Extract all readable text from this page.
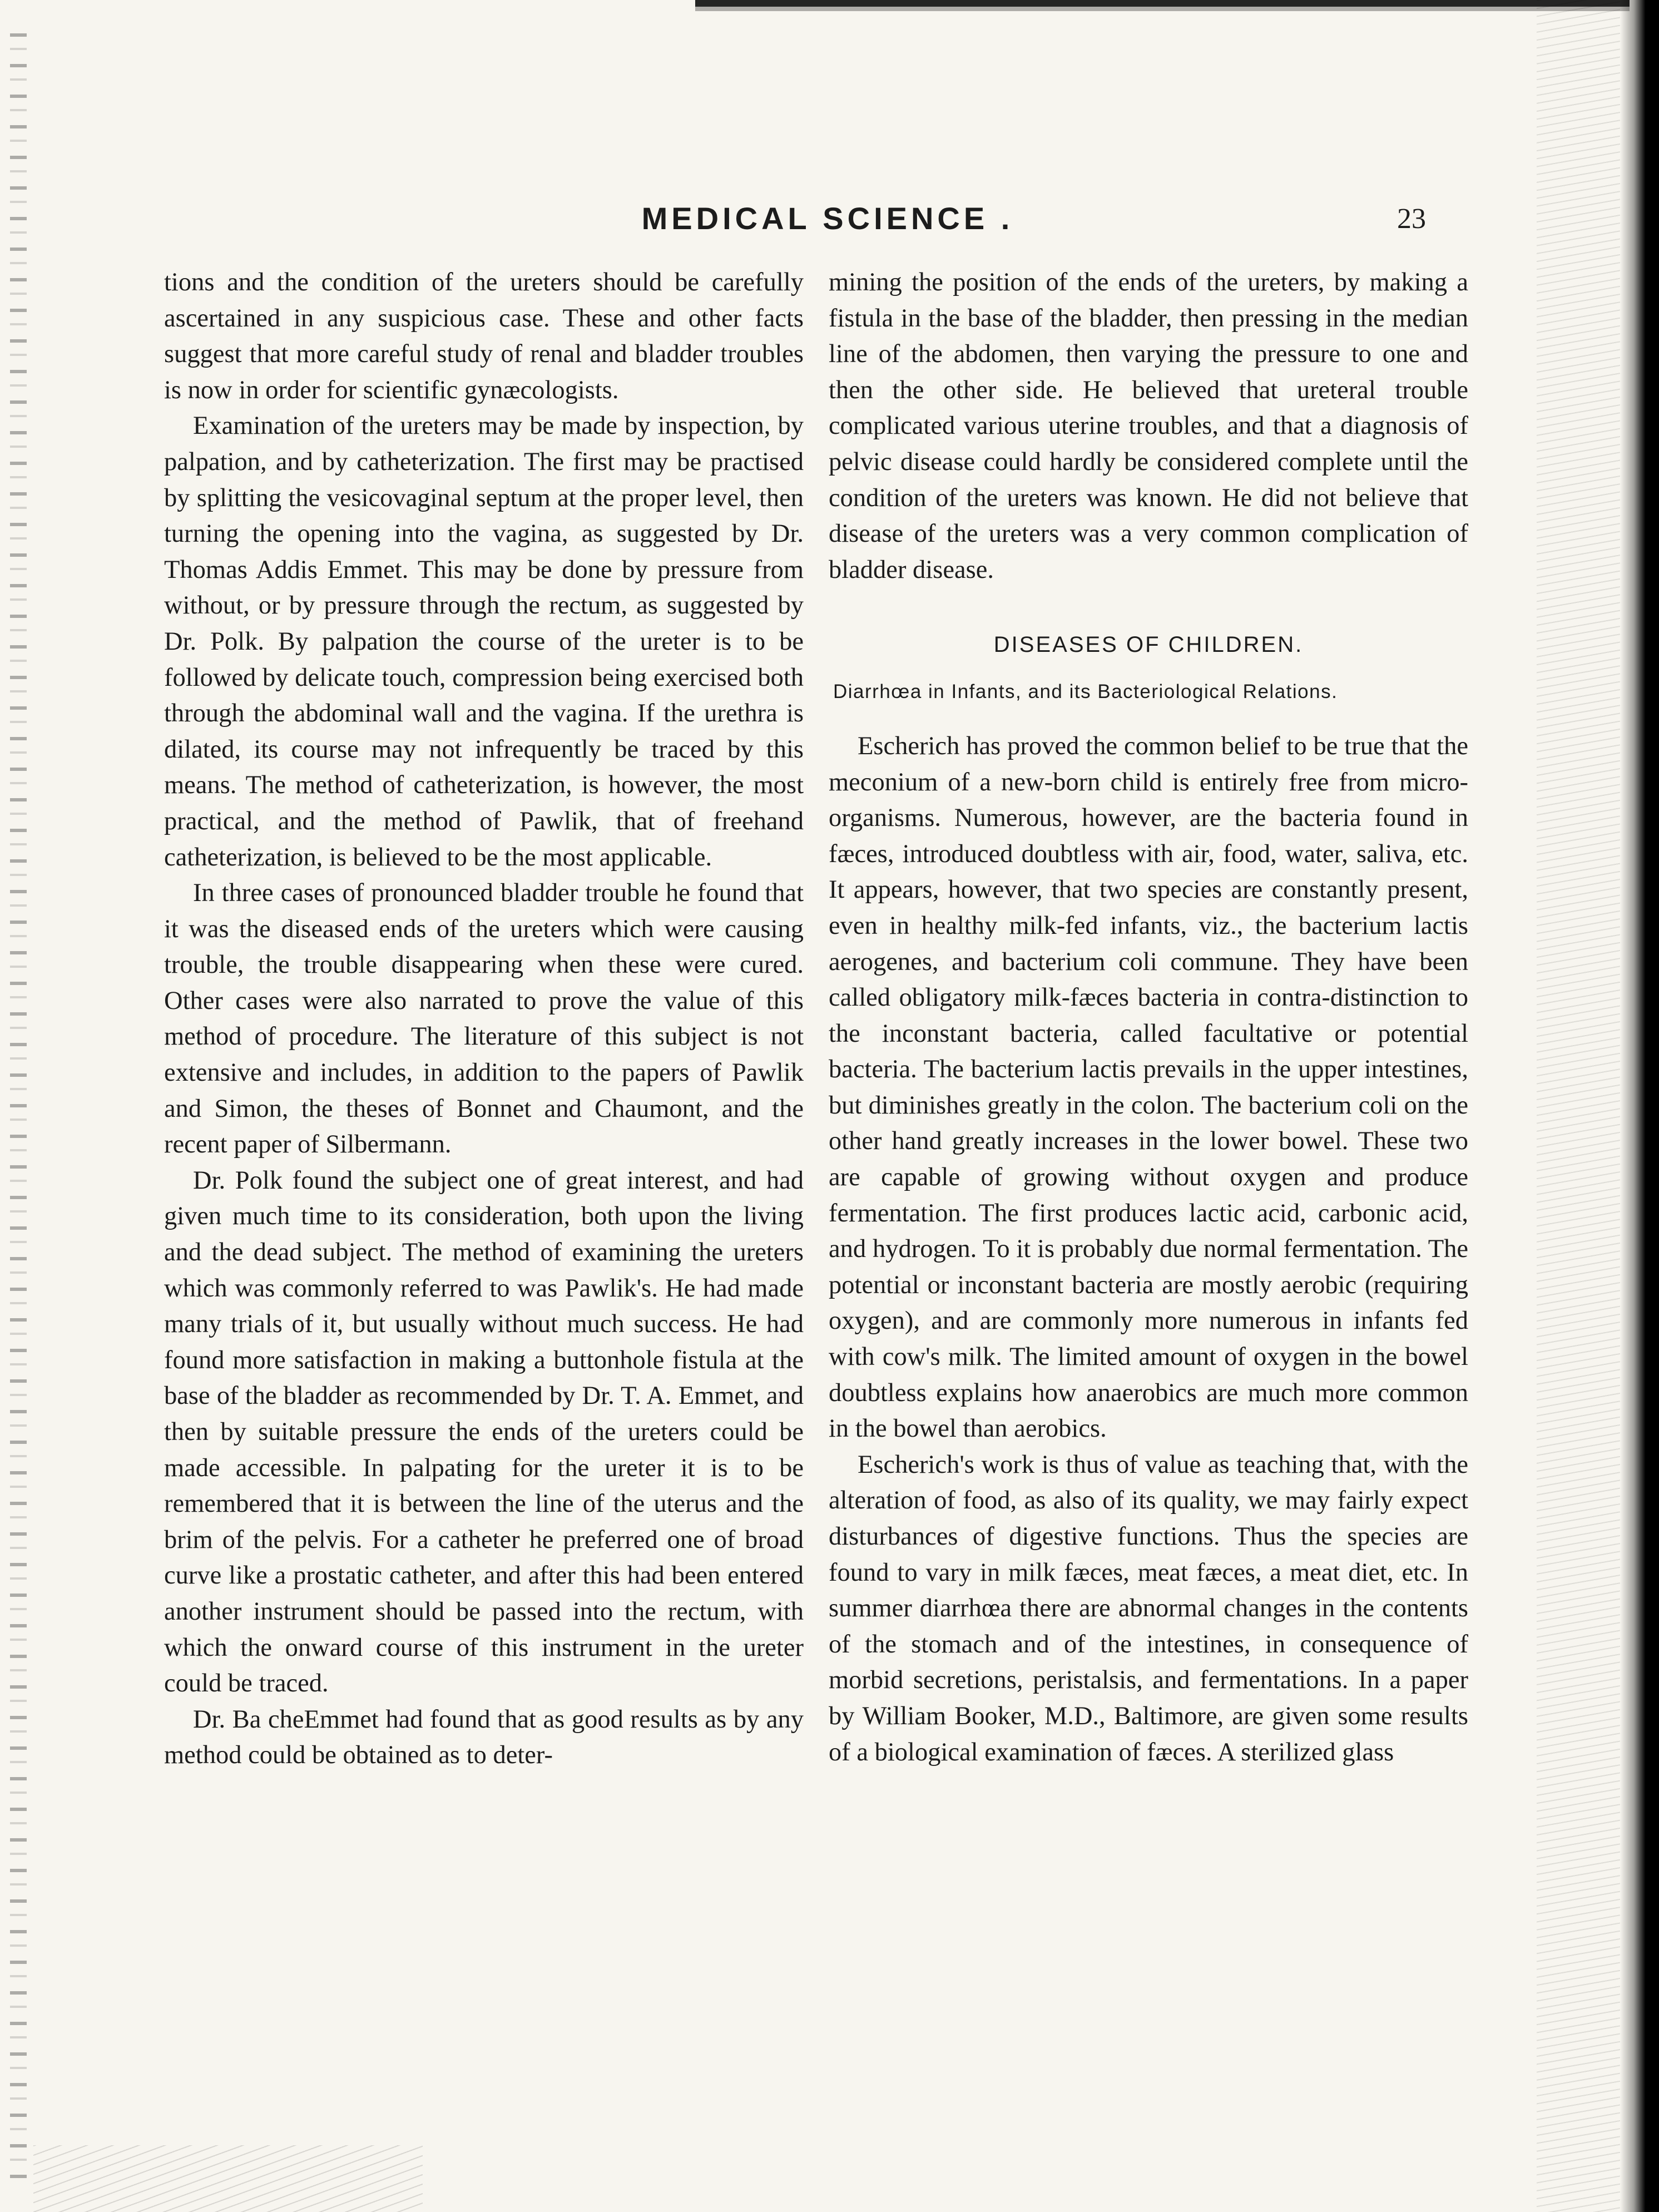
MEDICAL SCIENCE .	23

tions and the condition of the ureters should be carefully ascertained in any suspicious case. These and other facts suggest that more careful study of renal and bladder troubles is now in order for scientific gynæcologists.

Examination of the ureters may be made by inspection, by palpation, and by catheterization. The first may be practised by splitting the vesicovaginal septum at the proper level, then turning the opening into the vagina, as suggested by Dr. Thomas Addis Emmet. This may be done by pressure from without, or by pressure through the rectum, as suggested by Dr. Polk. By palpation the course of the ureter is to be followed by delicate touch, compression being exercised both through the abdominal wall and the vagina. If the urethra is dilated, its course may not infrequently be traced by this means. The method of catheterization, is however, the most practical, and the method of Pawlik, that of freehand catheterization, is believed to be the most applicable.

In three cases of pronounced bladder trouble he found that it was the diseased ends of the ureters which were causing trouble, the trouble disappearing when these were cured. Other cases were also narrated to prove the value of this method of procedure. The literature of this subject is not extensive and includes, in addition to the papers of Pawlik and Simon, the theses of Bonnet and Chaumont, and the recent paper of Silbermann.

Dr. Polk found the subject one of great interest, and had given much time to its consideration, both upon the living and the dead subject. The method of examining the ureters which was commonly referred to was Pawlik's. He had made many trials of it, but usually without much success. He had found more satisfaction in making a buttonhole fistula at the base of the bladder as recommended by Dr. T. A. Emmet, and then by suitable pressure the ends of the ureters could be made accessible. In palpating for the ureter it is to be remembered that it is between the line of the uterus and the brim of the pelvis. For a catheter he preferred one of broad curve like a prostatic catheter, and after this had been entered another instrument should be passed into the rectum, with which the onward course of this instrument in the ureter could be traced.

Dr. Ba cheEmmet had found that as good results as by any method could be obtained as to deter-

mining the position of the ends of the ureters, by making a fistula in the base of the bladder, then pressing in the median line of the abdomen, then varying the pressure to one and then the other side. He believed that ureteral trouble complicated various uterine troubles, and that a diagnosis of pelvic disease could hardly be considered complete until the condition of the ureters was known. He did not believe that disease of the ureters was a very common complication of bladder disease.

DISEASES OF CHILDREN.
Diarrhœa in Infants, and its Bacteriological Relations.

Escherich has proved the common belief to be true that the meconium of a new-born child is entirely free from micro-organisms. Numerous, however, are the bacteria found in fæces, introduced doubtless with air, food, water, saliva, etc. It appears, however, that two species are constantly present, even in healthy milk-fed infants, viz., the bacterium lactis aerogenes, and bacterium coli commune. They have been called obligatory milk-fæces bacteria in contra-distinction to the inconstant bacteria, called facultative or potential bacteria. The bacterium lactis prevails in the upper intestines, but diminishes greatly in the colon. The bacterium coli on the other hand greatly increases in the lower bowel. These two are capable of growing without oxygen and produce fermentation. The first produces lactic acid, carbonic acid, and hydrogen. To it is probably due normal fermentation. The potential or inconstant bacteria are mostly aerobic (requiring oxygen), and are commonly more numerous in infants fed with cow's milk. The limited amount of oxygen in the bowel doubtless explains how anaerobics are much more common in the bowel than aerobics.

Escherich's work is thus of value as teaching that, with the alteration of food, as also of its quality, we may fairly expect disturbances of digestive functions. Thus the species are found to vary in milk fæces, meat fæces, a meat diet, etc. In summer diarrhœa there are abnormal changes in the contents of the stomach and of the intestines, in consequence of morbid secretions, peristalsis, and fermentations. In a paper by William Booker, M.D., Baltimore, are given some results of a biological examination of fæces. A sterilized glass
